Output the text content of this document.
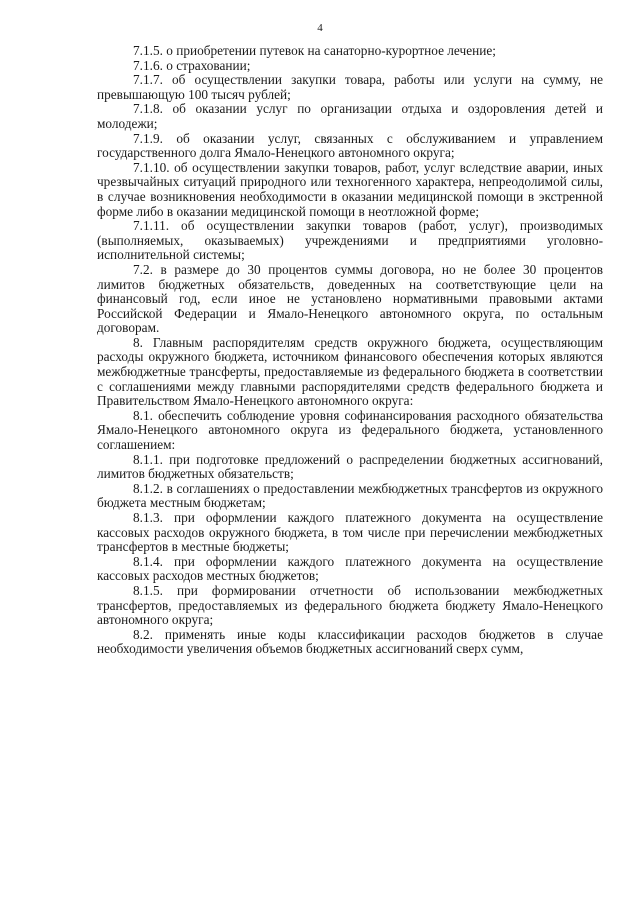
4

7.1.5. о приобретении путевок на санаторно-курортное лечение;

7.1.6. о страховании;

7.1.7. об осуществлении закупки товара, работы или услуги на сумму, не превышающую 100 тысяч рублей;

7.1.8. об оказании услуг по организации отдыха и оздоровления детей и молодежи;

7.1.9. об оказании услуг, связанных с обслуживанием и управлением государственного долга Ямало-Ненецкого автономного округа;

7.1.10. об осуществлении закупки товаров, работ, услуг вследствие аварии, иных чрезвычайных ситуаций природного или техногенного характера, непреодолимой силы, в случае возникновения необходимости в оказании медицинской помощи в экстренной форме либо в оказании медицинской помощи в неотложной форме;

7.1.11. об осуществлении закупки товаров (работ, услуг), производимых (выполняемых, оказываемых) учреждениями и предприятиями уголовно-исполнительной системы;

7.2. в размере до 30 процентов суммы договора, но не более 30 процентов лимитов бюджетных обязательств, доведенных на соответствующие цели на финансовый год, если иное не установлено нормативными правовыми актами Российской Федерации и Ямало-Ненецкого автономного округа, по остальным договорам.

8. Главным распорядителям средств окружного бюджета, осуществляющим расходы окружного бюджета, источником финансового обеспечения которых являются межбюджетные трансферты, предоставляемые из федерального бюджета в соответствии с соглашениями между главными распорядителями средств федерального бюджета и Правительством Ямало-Ненецкого автономного округа:

8.1. обеспечить соблюдение уровня софинансирования расходного обязательства Ямало-Ненецкого автономного округа из федерального бюджета, установленного соглашением:

8.1.1. при подготовке предложений о распределении бюджетных ассигнований, лимитов бюджетных обязательств;

8.1.2. в соглашениях о предоставлении межбюджетных трансфертов из окружного бюджета местным бюджетам;

8.1.3. при оформлении каждого платежного документа на осуществление кассовых расходов окружного бюджета, в том числе при перечислении межбюджетных трансфертов в местные бюджеты;

8.1.4. при оформлении каждого платежного документа на осуществление кассовых расходов местных бюджетов;

8.1.5. при формировании отчетности об использовании межбюджетных трансфертов, предоставляемых из федерального бюджета бюджету Ямало-Ненецкого автономного округа;

8.2. применять иные коды классификации расходов бюджетов в случае необходимости увеличения объемов бюджетных ассигнований сверх сумм,
